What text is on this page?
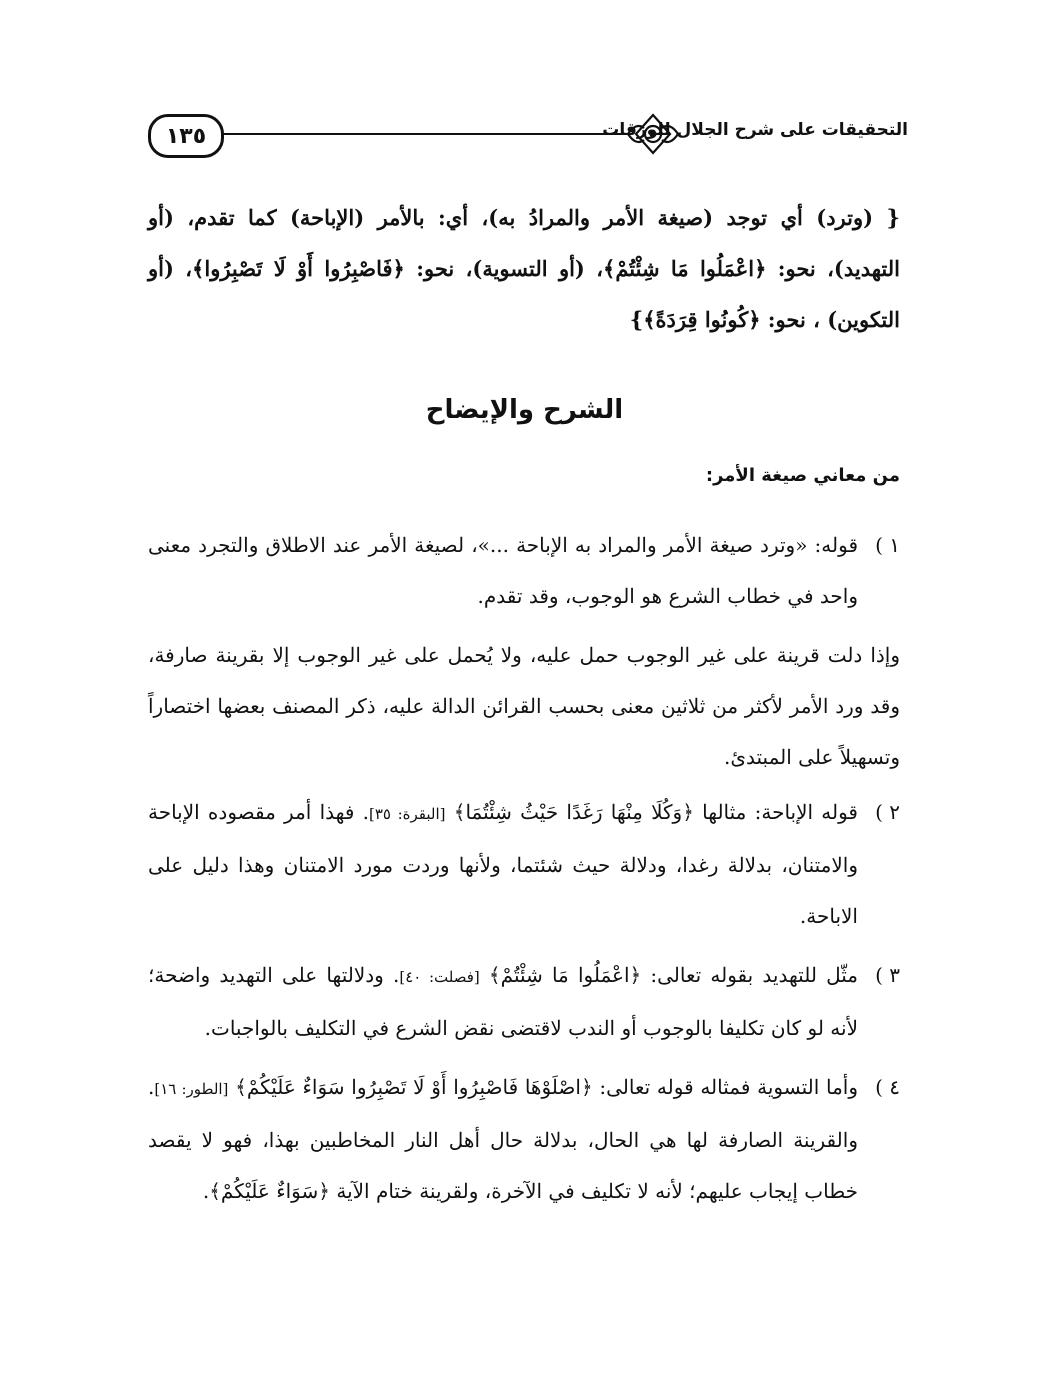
١٣٥	التحقيقات على شرح الجلال للورقات
{ (وترد) أي توجد (صيغة الأمر والمرادُ به)، أي: بالأمر (الإباحة) كما تقدم، (أو التهديد)، نحو: ﴿اعْمَلُوا مَا شِئْتُمْ﴾، (أو التسوية)، نحو: ﴿فَاصْبِرُوا أَوْ لَا تَصْبِرُوا﴾، (أو التكوين) ، نحو: ﴿كُونُوا قِرَدَةً﴾}
الشرح والإيضاح
من معاني صيغة الأمر:
١ )
قوله: «وترد صيغة الأمر والمراد به الإباحة ...»، لصيغة الأمر عند الاطلاق والتجرد معنى واحد في خطاب الشرع هو الوجوب، وقد تقدم.
وإذا دلت قرينة على غير الوجوب حمل عليه، ولا يُحمل على غير الوجوب إلا بقرينة صارفة، وقد ورد الأمر لأكثر من ثلاثين معنى بحسب القرائن الدالة عليه، ذكر المصنف بعضها اختصاراً وتسهيلاً على المبتدئ.
٢ )
قوله الإباحة: مثالها ﴿وَكُلَا مِنْهَا رَغَدًا حَيْثُ شِئْتُمَا﴾ [البقرة: ٣٥]. فهذا أمر مقصوده الإباحة والامتنان، بدلالة رغدا، ودلالة حيث شئتما، ولأنها وردت مورد الامتنان وهذا دليل على الاباحة.
٣ )
مثّل للتهديد بقوله تعالى: ﴿اعْمَلُوا مَا شِئْتُمْ﴾ [فصلت: ٤٠]. ودلالتها على التهديد واضحة؛ لأنه لو كان تكليفا بالوجوب أو الندب لاقتضى نقض الشرع في التكليف بالواجبات.
٤ )
وأما التسوية فمثاله قوله تعالى: ﴿اصْلَوْهَا فَاصْبِرُوا أَوْ لَا تَصْبِرُوا سَوَاءٌ عَلَيْكُمْ﴾ [الطور: ١٦]. والقرينة الصارفة لها هي الحال، بدلالة حال أهل النار المخاطبين بهذا، فهو لا يقصد خطاب إيجاب عليهم؛ لأنه لا تكليف في الآخرة، ولقرينة ختام الآية ﴿سَوَاءٌ عَلَيْكُمْ﴾.
